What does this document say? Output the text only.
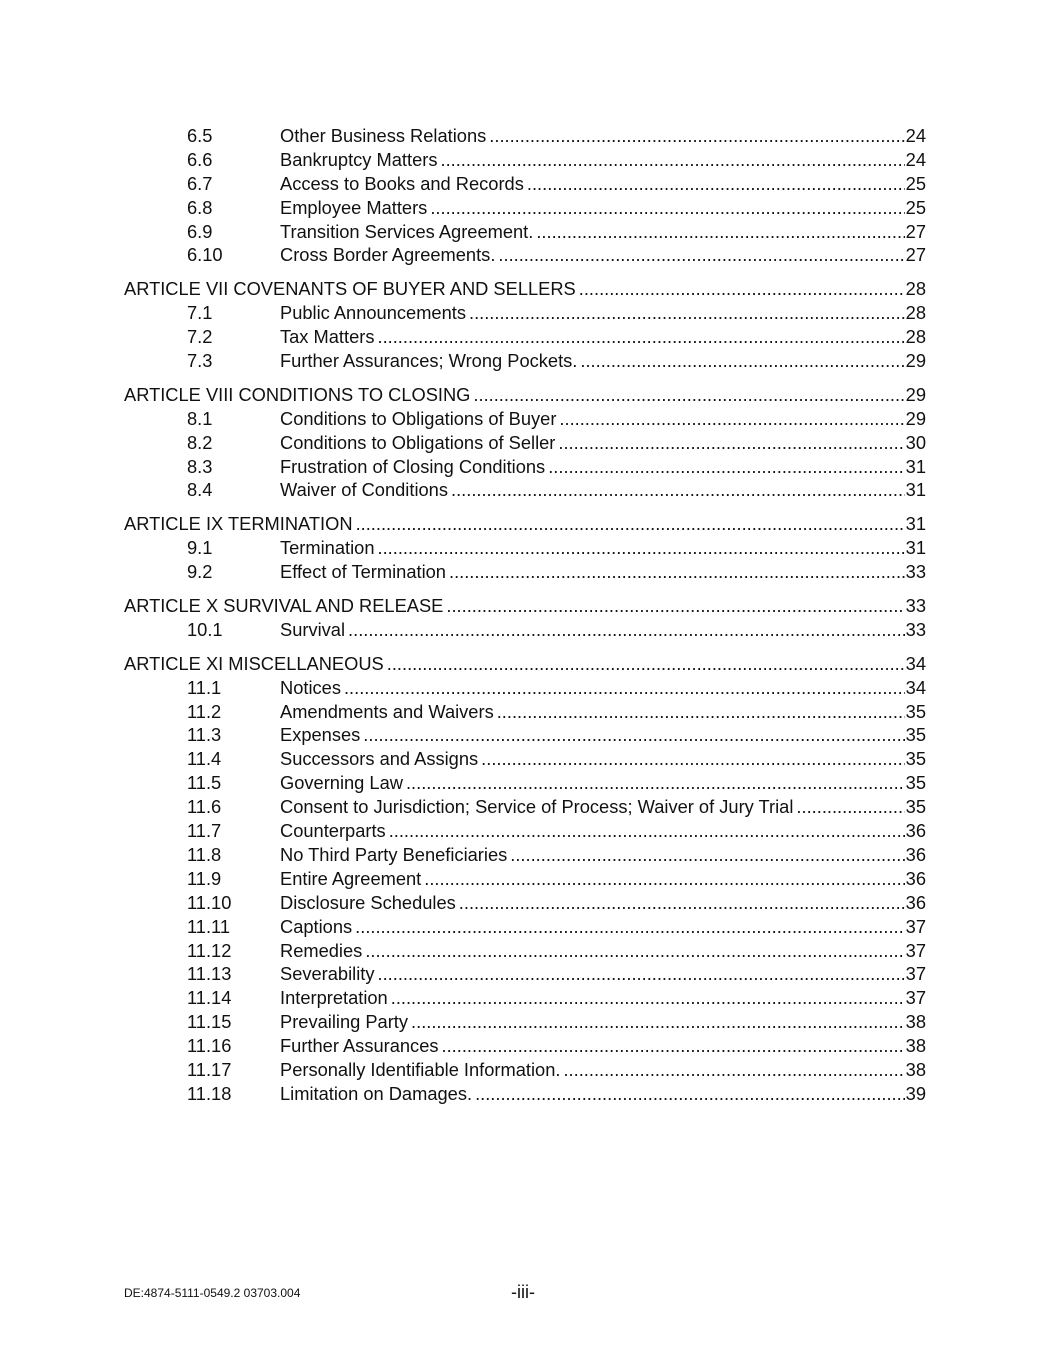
6.5	Other Business Relations .....	24
6.6	Bankruptcy Matters .....	24
6.7	Access to Books and Records .....	25
6.8	Employee Matters .....	25
6.9	Transition Services Agreement. .....	27
6.10	Cross Border Agreements. .....	27
ARTICLE VII COVENANTS OF BUYER AND SELLERS .....	28
7.1	Public Announcements .....	28
7.2	Tax Matters .....	28
7.3	Further Assurances; Wrong Pockets. .....	29
ARTICLE VIII CONDITIONS TO CLOSING .....	29
8.1	Conditions to Obligations of Buyer .....	29
8.2	Conditions to Obligations of Seller .....	30
8.3	Frustration of Closing Conditions .....	31
8.4	Waiver of Conditions .....	31
ARTICLE IX TERMINATION .....	31
9.1	Termination .....	31
9.2	Effect of Termination .....	33
ARTICLE X SURVIVAL AND RELEASE .....	33
10.1	Survival .....	33
ARTICLE XI MISCELLANEOUS .....	34
11.1	Notices .....	34
11.2	Amendments and Waivers .....	35
11.3	Expenses .....	35
11.4	Successors and Assigns .....	35
11.5	Governing Law .....	35
11.6	Consent to Jurisdiction; Service of Process; Waiver of Jury Trial .....	35
11.7	Counterparts .....	36
11.8	No Third Party Beneficiaries .....	36
11.9	Entire Agreement .....	36
11.10	Disclosure Schedules .....	36
11.11	Captions .....	37
11.12	Remedies .....	37
11.13	Severability .....	37
11.14	Interpretation .....	37
11.15	Prevailing Party .....	38
11.16	Further Assurances .....	38
11.17	Personally Identifiable Information. .....	38
11.18	Limitation on Damages. .....	39
DE:4874-5111-0549.2 03703.004	-iii-
